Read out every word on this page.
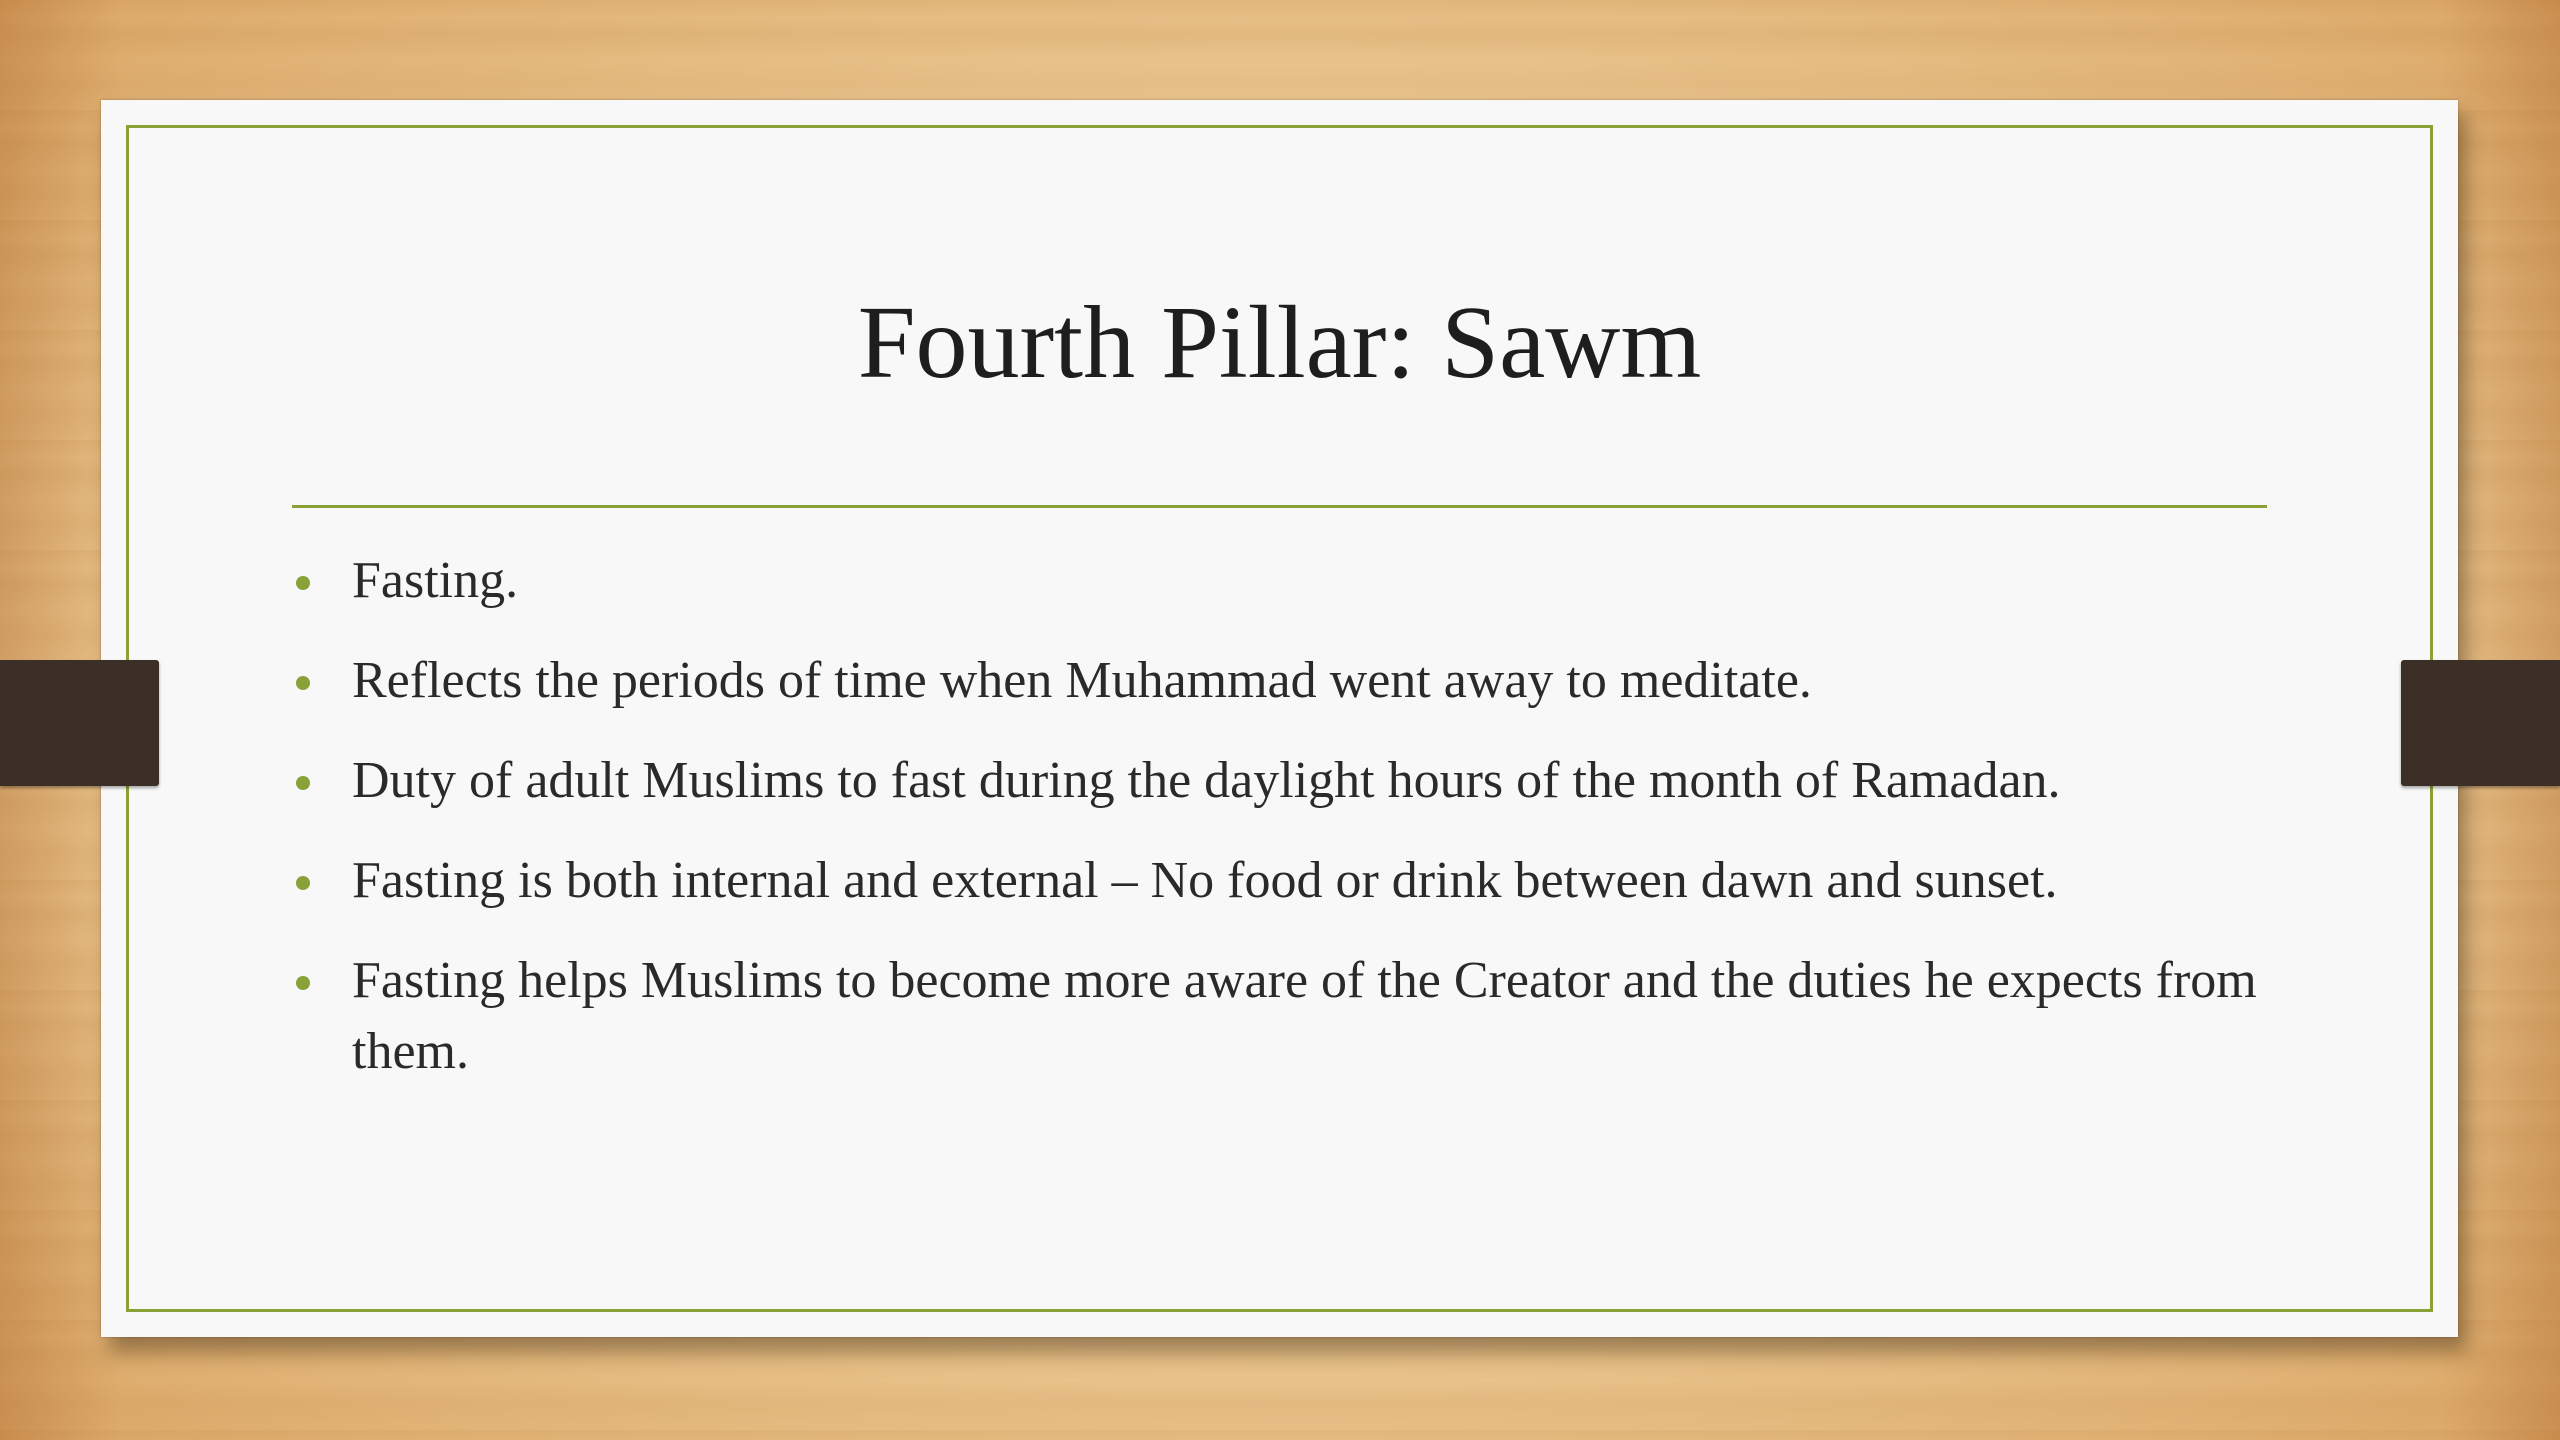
Fourth Pillar: Sawm
Fasting.
Reflects the periods of time when Muhammad went away to meditate.
Duty of adult Muslims to fast during the daylight hours of the month of Ramadan.
Fasting is both internal and external – No food or drink between dawn and sunset.
Fasting helps Muslims to become more aware of the Creator and the duties he expects from them.
